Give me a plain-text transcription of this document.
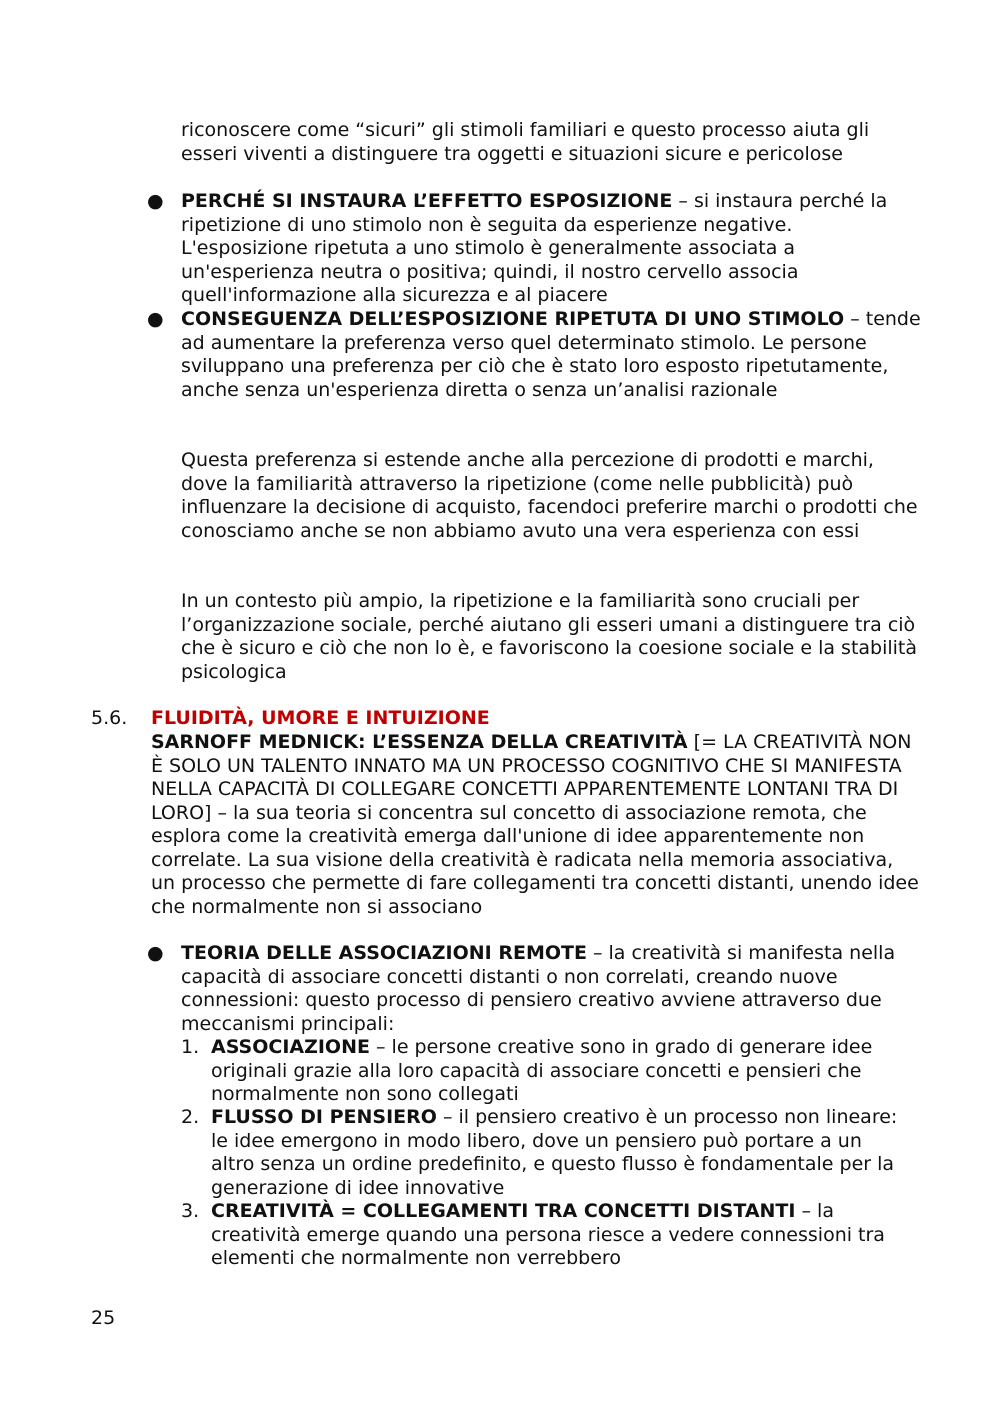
riconoscere come “sicuri” gli stimoli familiari e questo processo aiuta gli esseri viventi a distinguere tra oggetti e situazioni sicure e pericolose

● PERCHÉ SI INSTAURA L’EFFETTO ESPOSIZIONE – si instaura perché la ripetizione di uno stimolo non è seguita da esperienze negative. L'esposizione ripetuta a uno stimolo è generalmente associata a un'esperienza neutra o positiva; quindi, il nostro cervello associa quell'informazione alla sicurezza e al piacere

● CONSEGUENZA DELL’ESPOSIZIONE RIPETUTA DI UNO STIMOLO – tende ad aumentare la preferenza verso quel determinato stimolo. Le persone sviluppano una preferenza per ciò che è stato loro esposto ripetutamente, anche senza un'esperienza diretta o senza un’analisi razionale

Questa preferenza si estende anche alla percezione di prodotti e marchi, dove la familiarità attraverso la ripetizione (come nelle pubblicità) può influenzare la decisione di acquisto, facendoci preferire marchi o prodotti che conosciamo anche se non abbiamo avuto una vera esperienza con essi

In un contesto più ampio, la ripetizione e la familiarità sono cruciali per l’organizzazione sociale, perché aiutano gli esseri umani a distinguere tra ciò che è sicuro e ciò che non lo è, e favoriscono la coesione sociale e la stabilità psicologica

5.6. FLUIDITÀ, UMORE E INTUIZIONE

SARNOFF MEDNICK: L’ESSENZA DELLA CREATIVITÀ [= LA CREATIVITÀ NON È SOLO UN TALENTO INNATO MA UN PROCESSO COGNITIVO CHE SI MANIFESTA NELLA CAPACITÀ DI COLLEGARE CONCETTI APPARENTEMENTE LONTANI TRA DI LORO] – la sua teoria si concentra sul concetto di associazione remota, che esplora come la creatività emerga dall'unione di idee apparentemente non correlate. La sua visione della creatività è radicata nella memoria associativa, un processo che permette di fare collegamenti tra concetti distanti, unendo idee che normalmente non si associano

● TEORIA DELLE ASSOCIAZIONI REMOTE – la creatività si manifesta nella capacità di associare concetti distanti o non correlati, creando nuove connessioni: questo processo di pensiero creativo avviene attraverso due meccanismi principali:

1. ASSOCIAZIONE – le persone creative sono in grado di generare idee originali grazie alla loro capacità di associare concetti e pensieri che normalmente non sono collegati

2. FLUSSO DI PENSIERO – il pensiero creativo è un processo non lineare: le idee emergono in modo libero, dove un pensiero può portare a un altro senza un ordine predefinito, e questo flusso è fondamentale per la generazione di idee innovative

3. CREATIVITÀ = COLLEGAMENTI TRA CONCETTI DISTANTI – la creatività emerge quando una persona riesce a vedere connessioni tra elementi che normalmente non verrebbero

25
